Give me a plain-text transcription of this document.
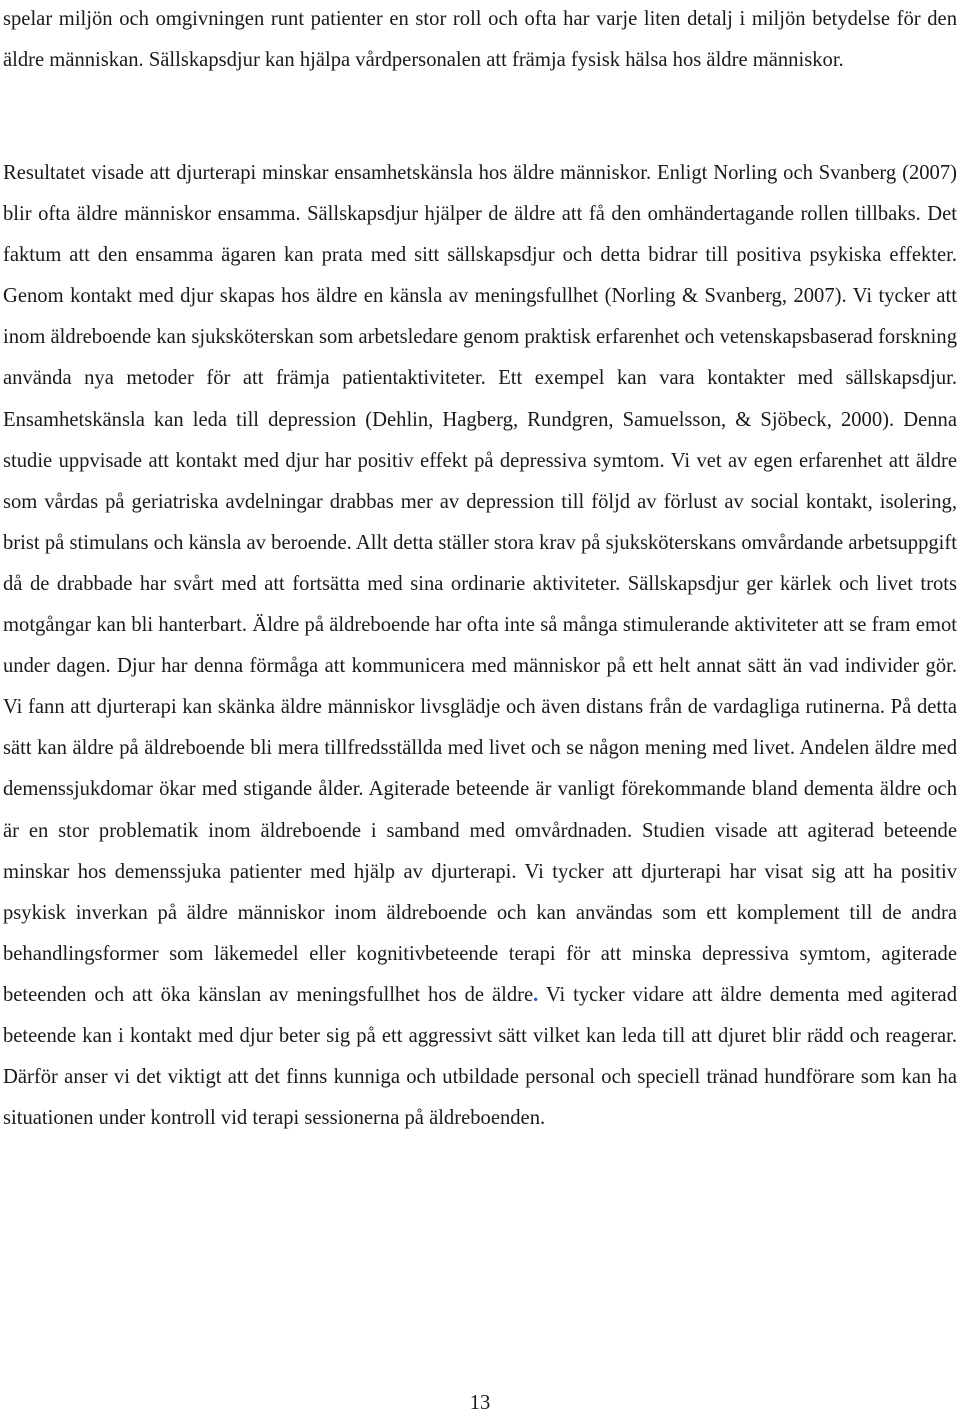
spelar miljön och omgivningen runt patienter en stor roll och ofta har varje liten detalj i miljön betydelse för den äldre människan. Sällskapsdjur kan hjälpa vårdpersonalen att främja fysisk hälsa hos äldre människor.

Resultatet visade att djurterapi minskar ensamhetskänsla hos äldre människor. Enligt Norling och Svanberg (2007) blir ofta äldre människor ensamma. Sällskapsdjur hjälper de äldre att få den omhändertagande rollen tillbaks. Det faktum att den ensamma ägaren kan prata med sitt sällskapsdjur och detta bidrar till positiva psykiska effekter. Genom kontakt med djur skapas hos äldre en känsla av meningsfullhet (Norling & Svanberg, 2007). Vi tycker att inom äldreboende kan sjuksköterskan som arbetsledare genom praktisk erfarenhet och vetenskapsbaserad forskning använda nya metoder för att främja patientaktiviteter. Ett exempel kan vara kontakter med sällskapsdjur. Ensamhetskänsla kan leda till depression (Dehlin, Hagberg, Rundgren, Samuelsson, & Sjöbeck, 2000). Denna studie uppvisade att kontakt med djur har positiv effekt på depressiva symtom. Vi vet av egen erfarenhet att äldre som vårdas på geriatriska avdelningar drabbas mer av depression till följd av förlust av social kontakt, isolering, brist på stimulans och känsla av beroende. Allt detta ställer stora krav på sjuksköterskans omvårdande arbetsuppgift då de drabbade har svårt med att fortsätta med sina ordinarie aktiviteter. Sällskapsdjur ger kärlek och livet trots motgångar kan bli hanterbart. Äldre på äldreboende har ofta inte så många stimulerande aktiviteter att se fram emot under dagen. Djur har denna förmåga att kommunicera med människor på ett helt annat sätt än vad individer gör. Vi fann att djurterapi kan skänka äldre människor livsglädje och även distans från de vardagliga rutinerna. På detta sätt kan äldre på äldreboende bli mera tillfredsställda med livet och se någon mening med livet. Andelen äldre med demenssjukdomar ökar med stigande ålder. Agiterade beteende är vanligt förekommande bland dementa äldre och är en stor problematik inom äldreboende i samband med omvårdnaden. Studien visade att agiterad beteende minskar hos demenssjuka patienter med hjälp av djurterapi. Vi tycker att djurterapi har visat sig att ha positiv psykisk inverkan på äldre människor inom äldreboende och kan användas som ett komplement till de andra behandlingsformer som läkemedel eller kognitivbeteende terapi för att minska depressiva symtom, agiterade beteenden och att öka känslan av meningsfullhet hos de äldre. Vi tycker vidare att äldre dementa med agiterad beteende kan i kontakt med djur beter sig på ett aggressivt sätt vilket kan leda till att djuret blir rädd och reagerar. Därför anser vi det viktigt att det finns kunniga och utbildade personal och speciell tränad hundförare som kan ha situationen under kontroll vid terapi sessionerna på äldreboenden.

13
